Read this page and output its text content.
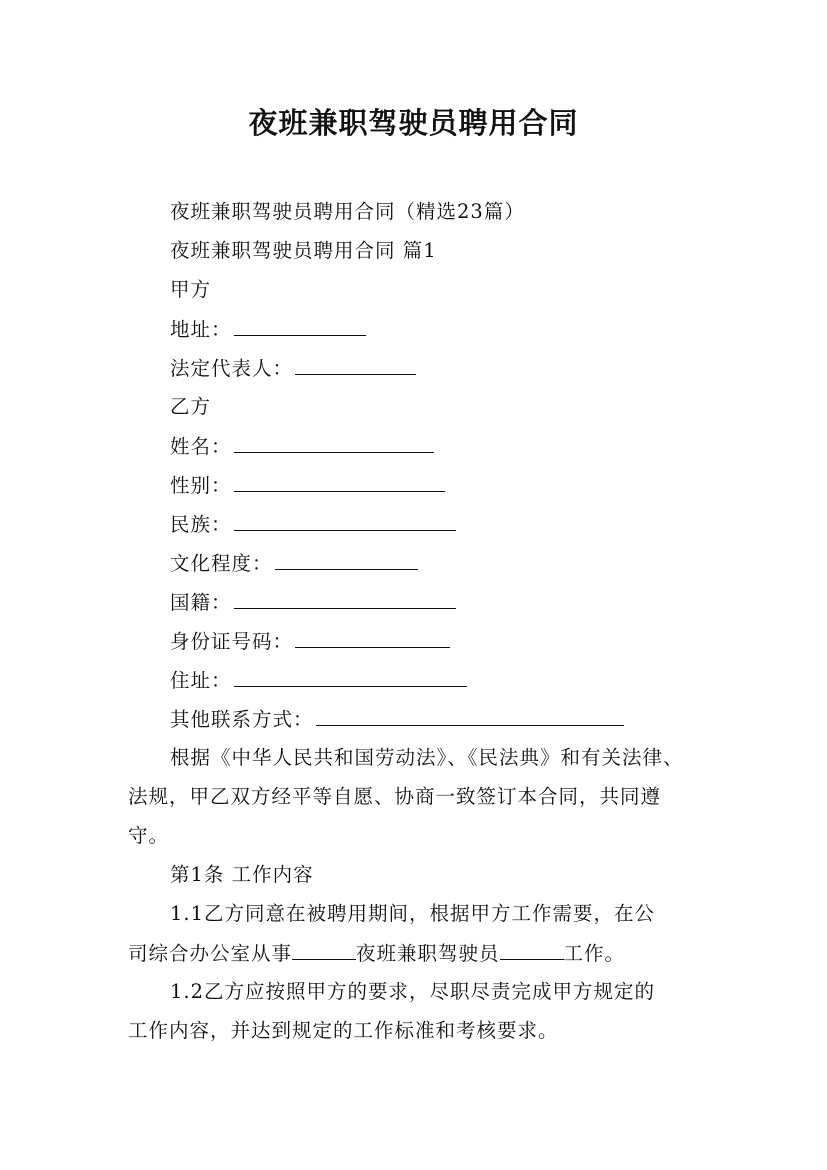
夜班兼职驾驶员聘用合同
夜班兼职驾驶员聘用合同（精选23篇）
夜班兼职驾驶员聘用合同 篇1
甲方
地址：
法定代表人：
乙方
姓名：
性别：
民族：
文化程度：
国籍：
身份证号码：
住址：
其他联系方式：
根据《中华人民共和国劳动法》、《民法典》和有关法律、
法规，甲乙双方经平等自愿、协商一致签订本合同，共同遵
守。
第1条 工作内容
1.1乙方同意在被聘用期间，根据甲方工作需要，在公
司综合办公室从事	夜班兼职驾驶员	工作。
1.2乙方应按照甲方的要求，尽职尽责完成甲方规定的
工作内容，并达到规定的工作标准和考核要求。
